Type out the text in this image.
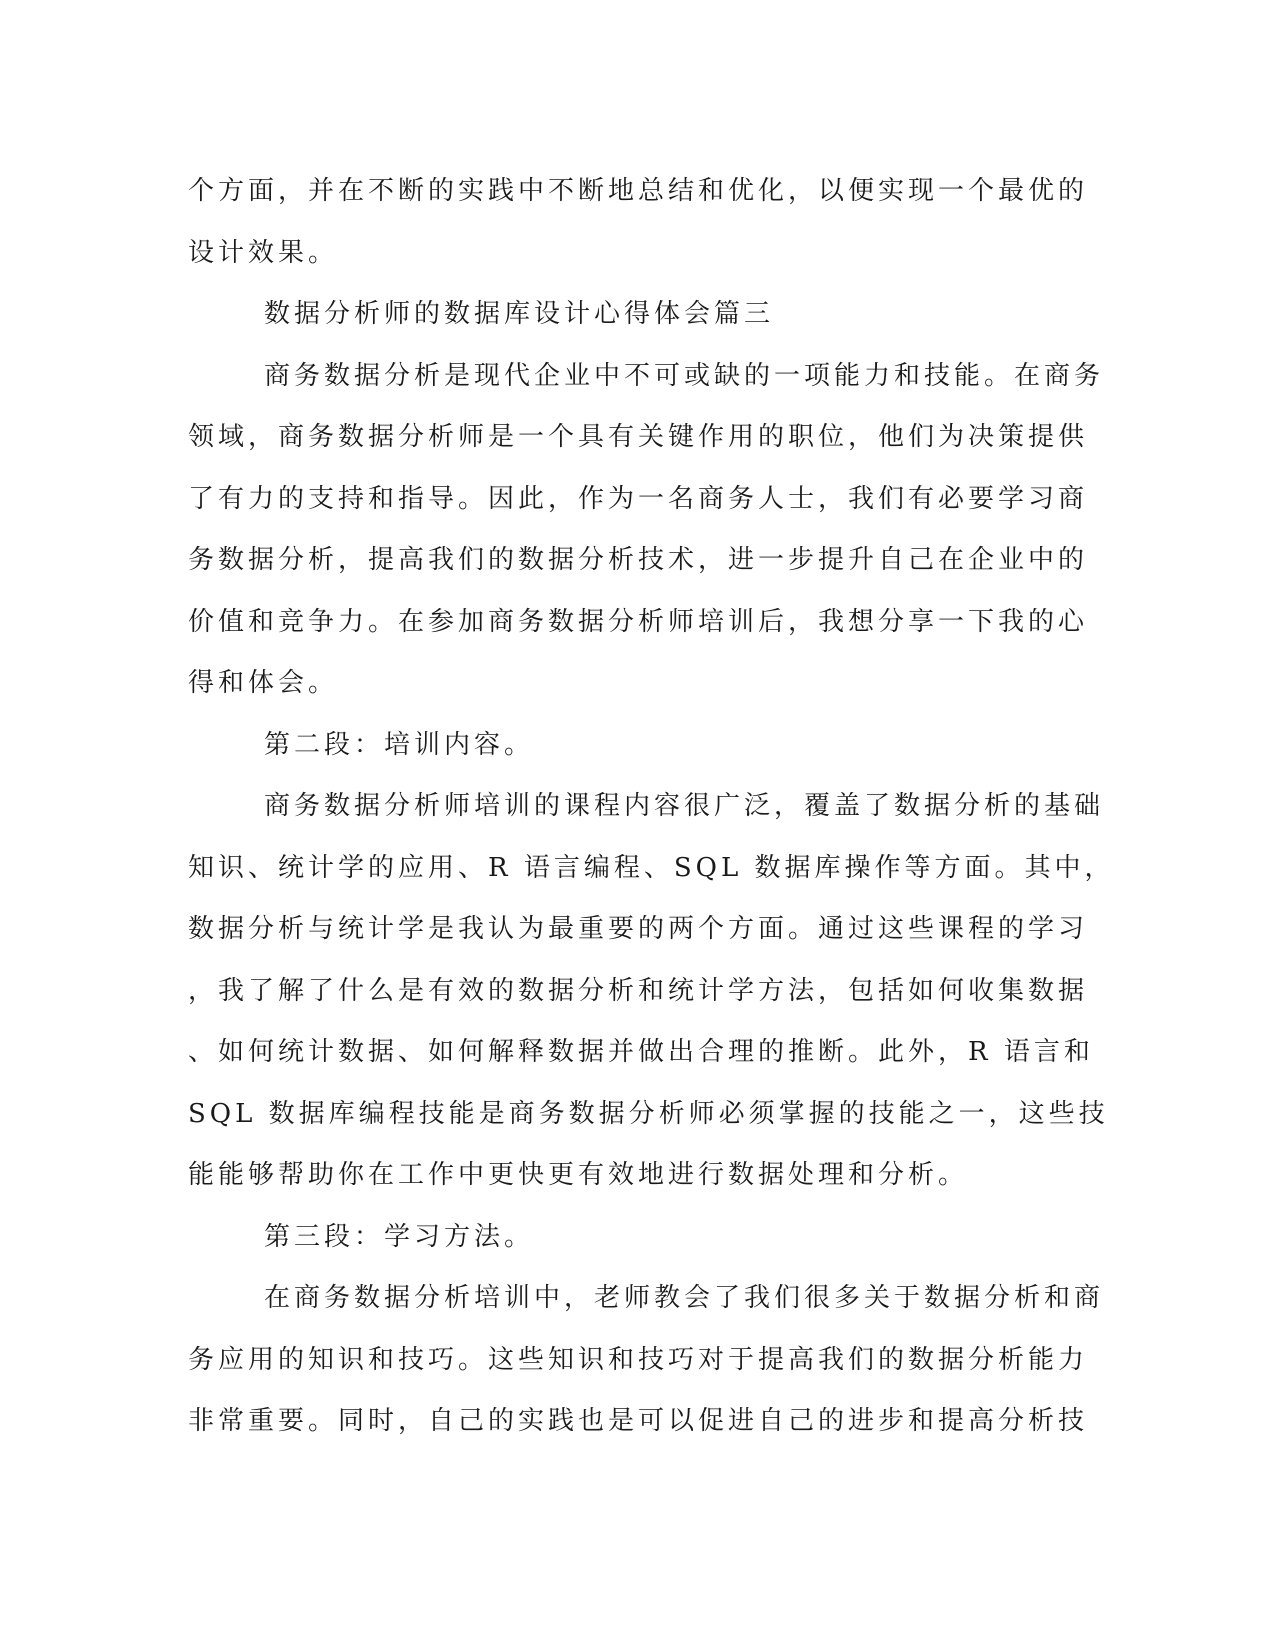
个方面，并在不断的实践中不断地总结和优化，以便实现一个最优的
设计效果。
数据分析师的数据库设计心得体会篇三
商务数据分析是现代企业中不可或缺的一项能力和技能。在商务
领域，商务数据分析师是一个具有关键作用的职位，他们为决策提供
了有力的支持和指导。因此，作为一名商务人士，我们有必要学习商
务数据分析，提高我们的数据分析技术，进一步提升自己在企业中的
价值和竞争力。在参加商务数据分析师培训后，我想分享一下我的心
得和体会。
第二段：培训内容。
商务数据分析师培训的课程内容很广泛，覆盖了数据分析的基础
知识、统计学的应用、R 语言编程、SQL 数据库操作等方面。其中，
数据分析与统计学是我认为最重要的两个方面。通过这些课程的学习
，我了解了什么是有效的数据分析和统计学方法，包括如何收集数据
、如何统计数据、如何解释数据并做出合理的推断。此外，R 语言和
SQL 数据库编程技能是商务数据分析师必须掌握的技能之一，这些技
能能够帮助你在工作中更快更有效地进行数据处理和分析。
第三段：学习方法。
在商务数据分析培训中，老师教会了我们很多关于数据分析和商
务应用的知识和技巧。这些知识和技巧对于提高我们的数据分析能力
非常重要。同时，自己的实践也是可以促进自己的进步和提高分析技
